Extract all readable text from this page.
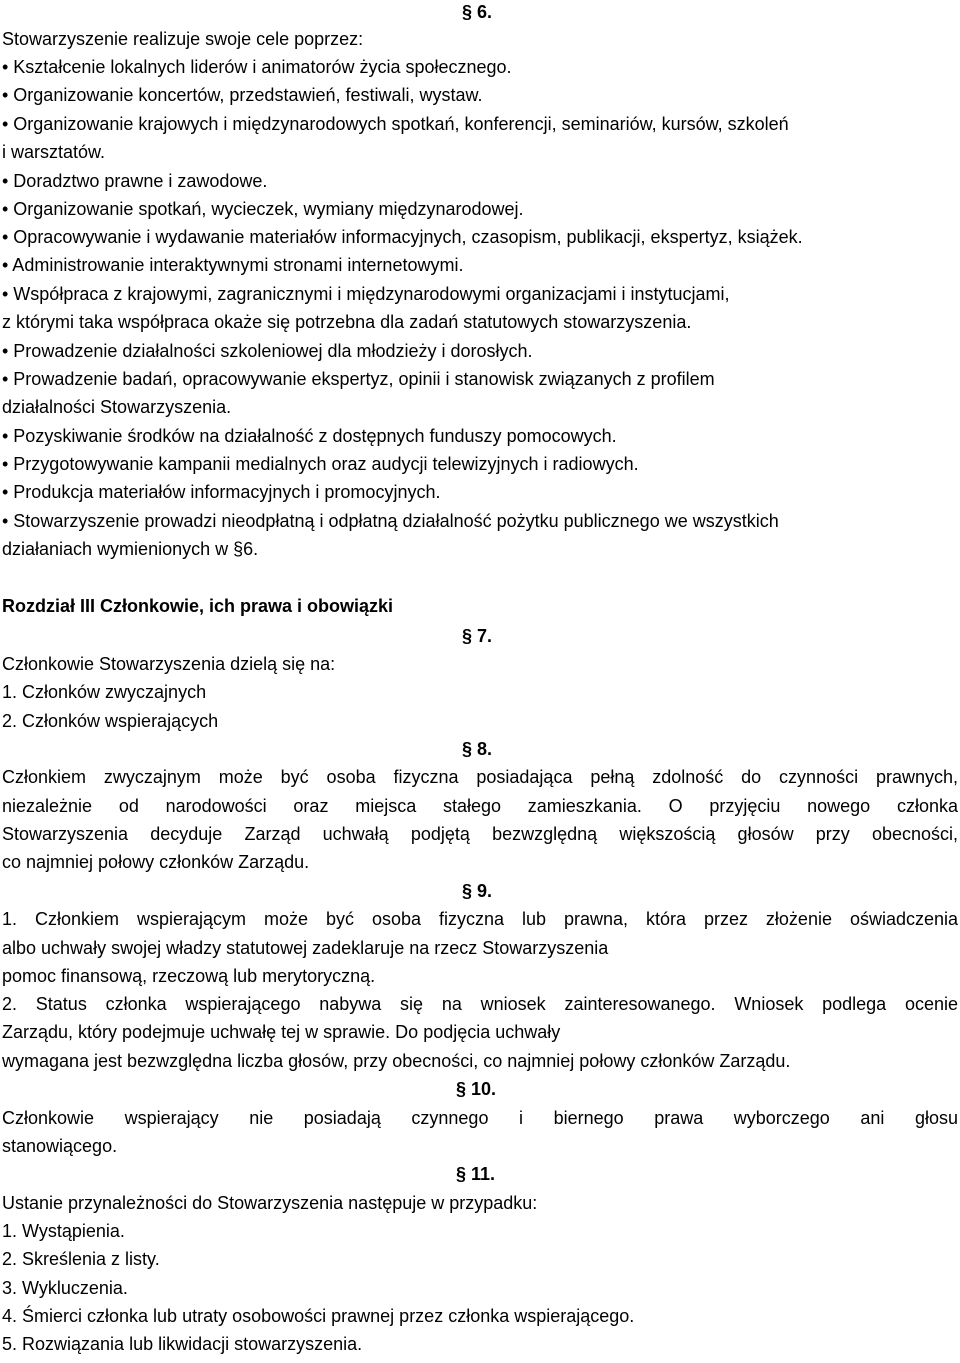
§ 6.
Stowarzyszenie realizuje swoje cele poprzez:
• Kształcenie lokalnych liderów i animatorów życia społecznego.
• Organizowanie koncertów, przedstawień, festiwali, wystaw.
• Organizowanie krajowych i międzynarodowych spotkań, konferencji, seminariów, kursów, szkoleń
i warsztatów.
• Doradztwo prawne i zawodowe.
• Organizowanie spotkań, wycieczek, wymiany międzynarodowej.
• Opracowywanie i wydawanie materiałów informacyjnych, czasopism, publikacji, ekspertyz, książek.
• Administrowanie interaktywnymi stronami internetowymi.
• Współpraca z krajowymi, zagranicznymi i międzynarodowymi organizacjami i instytucjami,
z którymi taka współpraca okaże się potrzebna dla zadań statutowych stowarzyszenia.
• Prowadzenie działalności szkoleniowej dla młodzieży i dorosłych.
• Prowadzenie badań, opracowywanie ekspertyz, opinii i stanowisk związanych z profilem
działalności Stowarzyszenia.
• Pozyskiwanie środków na działalność z dostępnych funduszy pomocowych.
• Przygotowywanie kampanii medialnych oraz audycji telewizyjnych i radiowych.
• Produkcja materiałów informacyjnych i promocyjnych.
• Stowarzyszenie prowadzi nieodpłatną i odpłatną działalność pożytku publicznego we wszystkich
działaniach wymienionych w §6.
Rozdział III Członkowie, ich prawa i obowiązki
§ 7.
Członkowie Stowarzyszenia dzielą się na:
1. Członków zwyczajnych
2. Członków wspierających
§ 8.
Członkiem zwyczajnym może być osoba fizyczna posiadająca pełną zdolność do czynności prawnych,
niezależnie od narodowości oraz miejsca stałego zamieszkania. O przyjęciu nowego członka
Stowarzyszenia decyduje Zarząd uchwałą podjętą bezwzględną większością głosów przy obecności,
co najmniej połowy członków Zarządu.
§ 9.
1. Członkiem wspierającym może być osoba fizyczna lub prawna, która przez złożenie oświadczenia
albo uchwały swojej władzy statutowej zadeklaruje na rzecz Stowarzyszenia
pomoc finansową, rzeczową lub merytoryczną.
2. Status członka wspierającego nabywa się na wniosek zainteresowanego. Wniosek podlega ocenie
Zarządu, który podejmuje uchwałę tej w sprawie. Do podjęcia uchwały
wymagana jest bezwzględna liczba głosów, przy obecności, co najmniej połowy członków Zarządu.
§ 10.
Członkowie wspierający nie posiadają czynnego i biernego prawa wyborczego ani głosu
stanowiącego.
§ 11.
Ustanie przynależności do Stowarzyszenia następuje w przypadku:
1. Wystąpienia.
2. Skreślenia z listy.
3. Wykluczenia.
4. Śmierci członka lub utraty osobowości prawnej przez członka wspierającego.
5. Rozwiązania lub likwidacji stowarzyszenia.
